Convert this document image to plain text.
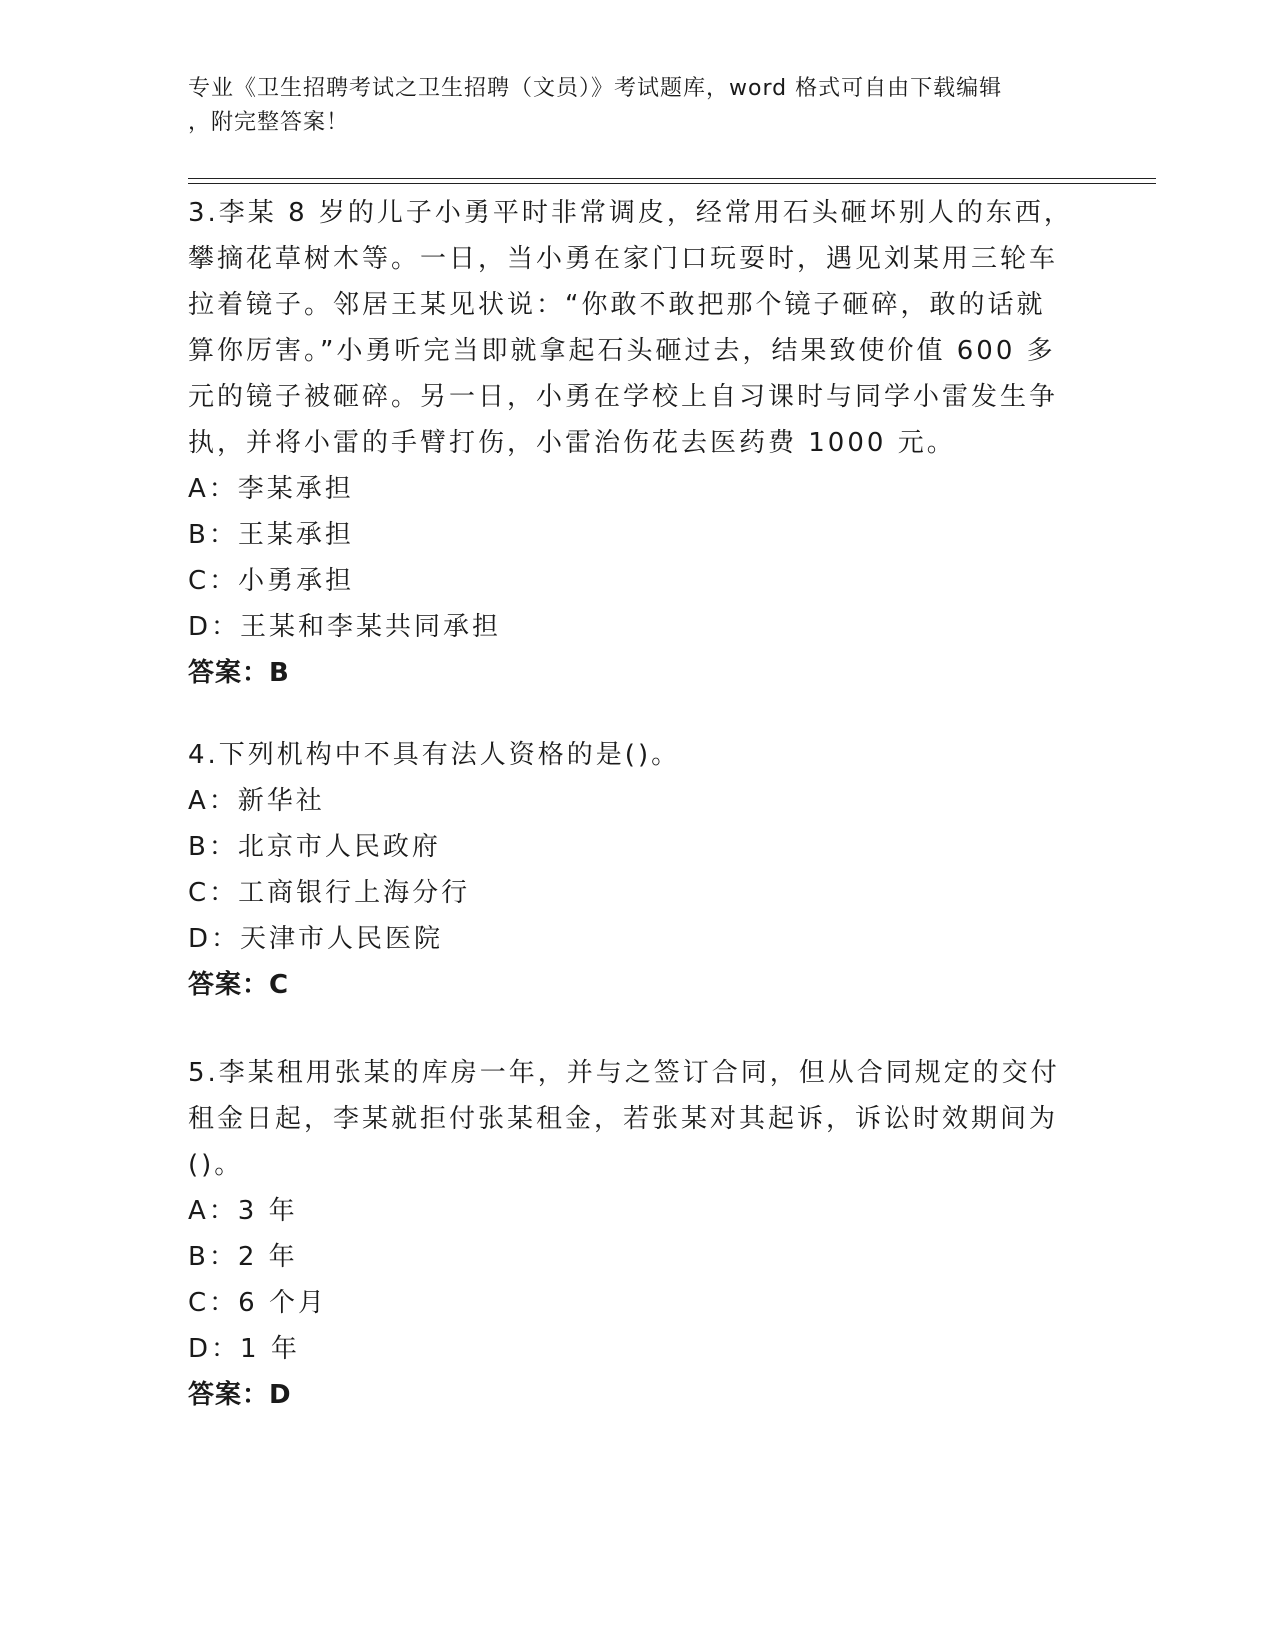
专业《卫生招聘考试之卫生招聘（文员）》考试题库，word 格式可自由下载编辑
，附完整答案！
3.李某 8 岁的儿子小勇平时非常调皮，经常用石头砸坏别人的东西，
攀摘花草树木等。一日，当小勇在家门口玩耍时，遇见刘某用三轮车
拉着镜子。邻居王某见状说：“你敢不敢把那个镜子砸碎，敢的话就
算你厉害。”小勇听完当即就拿起石头砸过去，结果致使价值 600 多
元的镜子被砸碎。另一日，小勇在学校上自习课时与同学小雷发生争
执，并将小雷的手臂打伤，小雷治伤花去医药费 1000 元。
A：李某承担
B：王某承担
C：小勇承担
D：王某和李某共同承担
答案：B
4.下列机构中不具有法人资格的是()。
A：新华社
B：北京市人民政府
C：工商银行上海分行
D：天津市人民医院
答案：C
5.李某租用张某的库房一年，并与之签订合同，但从合同规定的交付
租金日起，李某就拒付张某租金，若张某对其起诉，诉讼时效期间为
()。
A：3 年
B：2 年
C：6 个月
D：1 年
答案：D
